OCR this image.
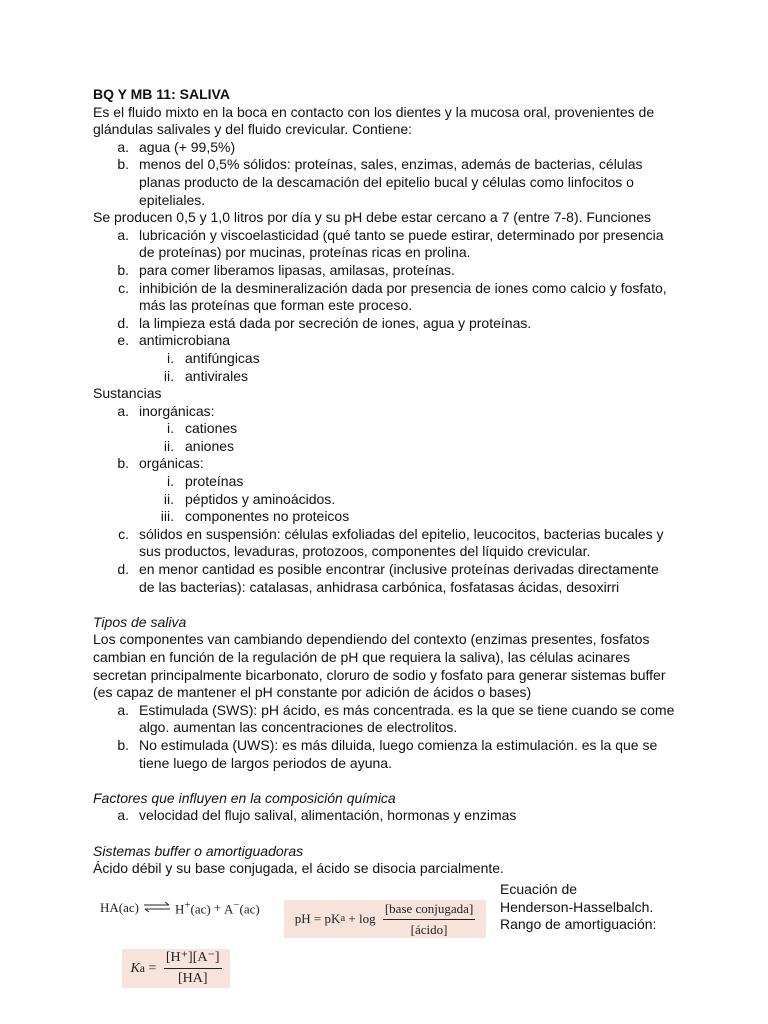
BQ Y MB 11: SALIVA

Es el fluido mixto en la boca en contacto con los dientes y la mucosa oral, provenientes de glándulas salivales y del fluido crevicular. Contiene:

a. agua (+ 99,5%)
b. menos del 0,5% sólidos: proteínas, sales, enzimas, además de bacterias, células planas producto de la descamación del epitelio bucal y células como linfocitos o epiteliales.

Se producen 0,5 y 1,0 litros por día y su pH debe estar cercano a 7 (entre 7-8). Funciones

a. lubricación y viscoelasticidad (qué tanto se puede estirar, determinado por presencia de proteínas) por mucinas, proteínas ricas en prolina.
b. para comer liberamos lipasas, amilasas, proteínas.
c. inhibición de la desmineralización dada por presencia de iones como calcio y fosfato, más las proteínas que forman este proceso.
d. la limpieza está dada por secreción de iones, agua y proteínas.
e. antimicrobiana
i. antifúngicas
ii. antivirales
Sustancias
a. inorgánicas:
i. cationes
ii. aniones
b. orgánicas:
i. proteínas
ii. péptidos y aminoácidos.
iii. componentes no proteicos
c. sólidos en suspensión: células exfoliadas del epitelio, leucocitos, bacterias bucales y sus productos, levaduras, protozoos, componentes del líquido crevicular.
d. en menor cantidad es posible encontrar (inclusive proteínas derivadas directamente de las bacterias): catalasas, anhidrasa carbónica, fosfatasas ácidas, desoxirri
Tipos de saliva

Los componentes van cambiando dependiendo del contexto (enzimas presentes, fosfatos cambian en función de la regulación de pH que requiera la saliva), las células acinares secretan principalmente bicarbonato, cloruro de sodio y fosfato para generar sistemas buffer (es capaz de mantener el pH constante por adición de ácidos o bases)

a. Estimulada (SWS): pH ácido, es más concentrada. es la que se tiene cuando se come algo. aumentan las concentraciones de electrolitos.
b. No estimulada (UWS): es más diluida, luego comienza la estimulación. es la que se tiene luego de largos periodos de ayuna.
Factores que influyen en la composición química
a. velocidad del flujo salival, alimentación, hormonas y enzimas
Sistemas buffer o amortiguadoras

Ácido débil y su base conjugada, el ácido se disocia parcialmente.

HA(ac) ⇌ H+(ac) + A−(ac)
pH = pK $a + \log \frac{\text{[base conjugada]}}{\text{[ácido]}}$
Ecuación de
Henderson-Hasselbalch.
Rango de amortiguación:
K $a = \frac{[H^+][A^-]}{[HA]}$
